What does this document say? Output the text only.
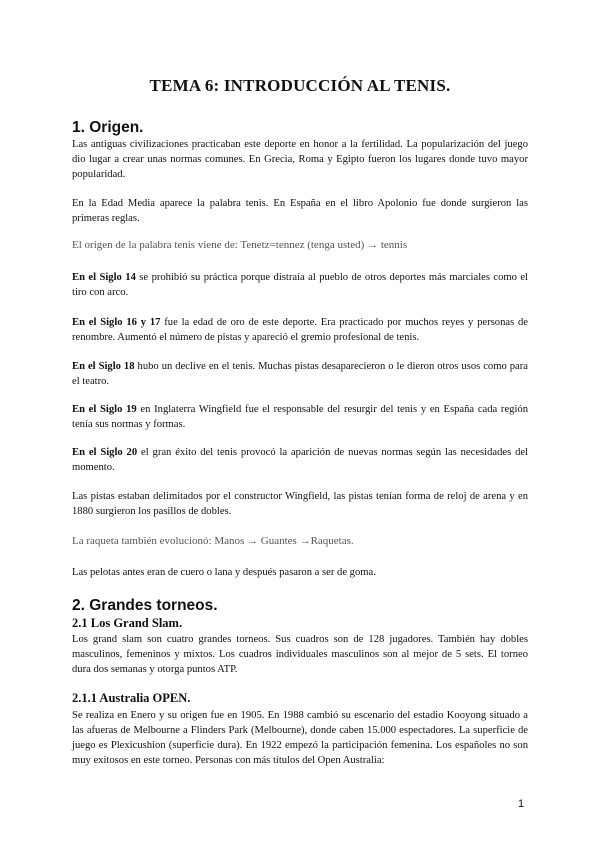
TEMA 6: INTRODUCCIÓN AL TENIS.
1. Origen.
Las antiguas civilizaciones practicaban este deporte en honor a la fertilidad. La popularización del juego dio lugar a crear unas normas comunes. En Grecia, Roma y Egipto fueron los lugares donde tuvo mayor popularidad.
En la Edad Media aparece la palabra tenis. En España en el libro Apolonio fue donde surgieron las primeras reglas.
El origen de la palabra tenis viene de: Tenetz=tennez (tenga usted) → tennis
En el Siglo 14 se prohibió su práctica porque distraía al pueblo de otros deportes más marciales como el tiro con arco.
En el Siglo 16 y 17 fue la edad de oro de este deporte. Era practicado por muchos reyes y personas de renombre. Aumentó el número de pistas y apareció el gremio profesional de tenis.
En el Siglo 18 hubo un declive en el tenis. Muchas pistas desaparecieron o le dieron otros usos como para el teatro.
En el Siglo 19 en Inglaterra Wingfield fue el responsable del resurgir del tenis y en España cada región tenía sus normas y formas.
En el Siglo 20 el gran éxito del tenis provocó la aparición de nuevas normas según las necesidades del momento.
Las pistas estaban delimitados por el constructor Wingfield, las pistas tenían forma de reloj de arena y en 1880 surgieron los pasillos de dobles.
La raqueta también evolucionó: Manos → Guantes →Raquetas.
Las pelotas antes eran de cuero o lana y después pasaron a ser de goma.
2. Grandes torneos.
2.1 Los Grand Slam.
Los grand slam son cuatro grandes torneos. Sus cuadros son de 128 jugadores. También hay dobles masculinos, femeninos y mixtos. Los cuadros individuales masculinos son al mejor de 5 sets. El torneo dura dos semanas y otorga puntos ATP.
2.1.1 Australia OPEN.
Se realiza en Enero y su origen fue en 1905. En 1988 cambió su escenario del estadio Kooyong situado a las afueras de Melbourne a Flinders Park (Melbourne), donde caben 15.000 espectadores. La superficie de juego es Plexicushion (superficie dura). En 1922 empezó la participación femenina. Los españoles no son muy exitosos en este torneo. Personas con más títulos del Open Australia:
1
